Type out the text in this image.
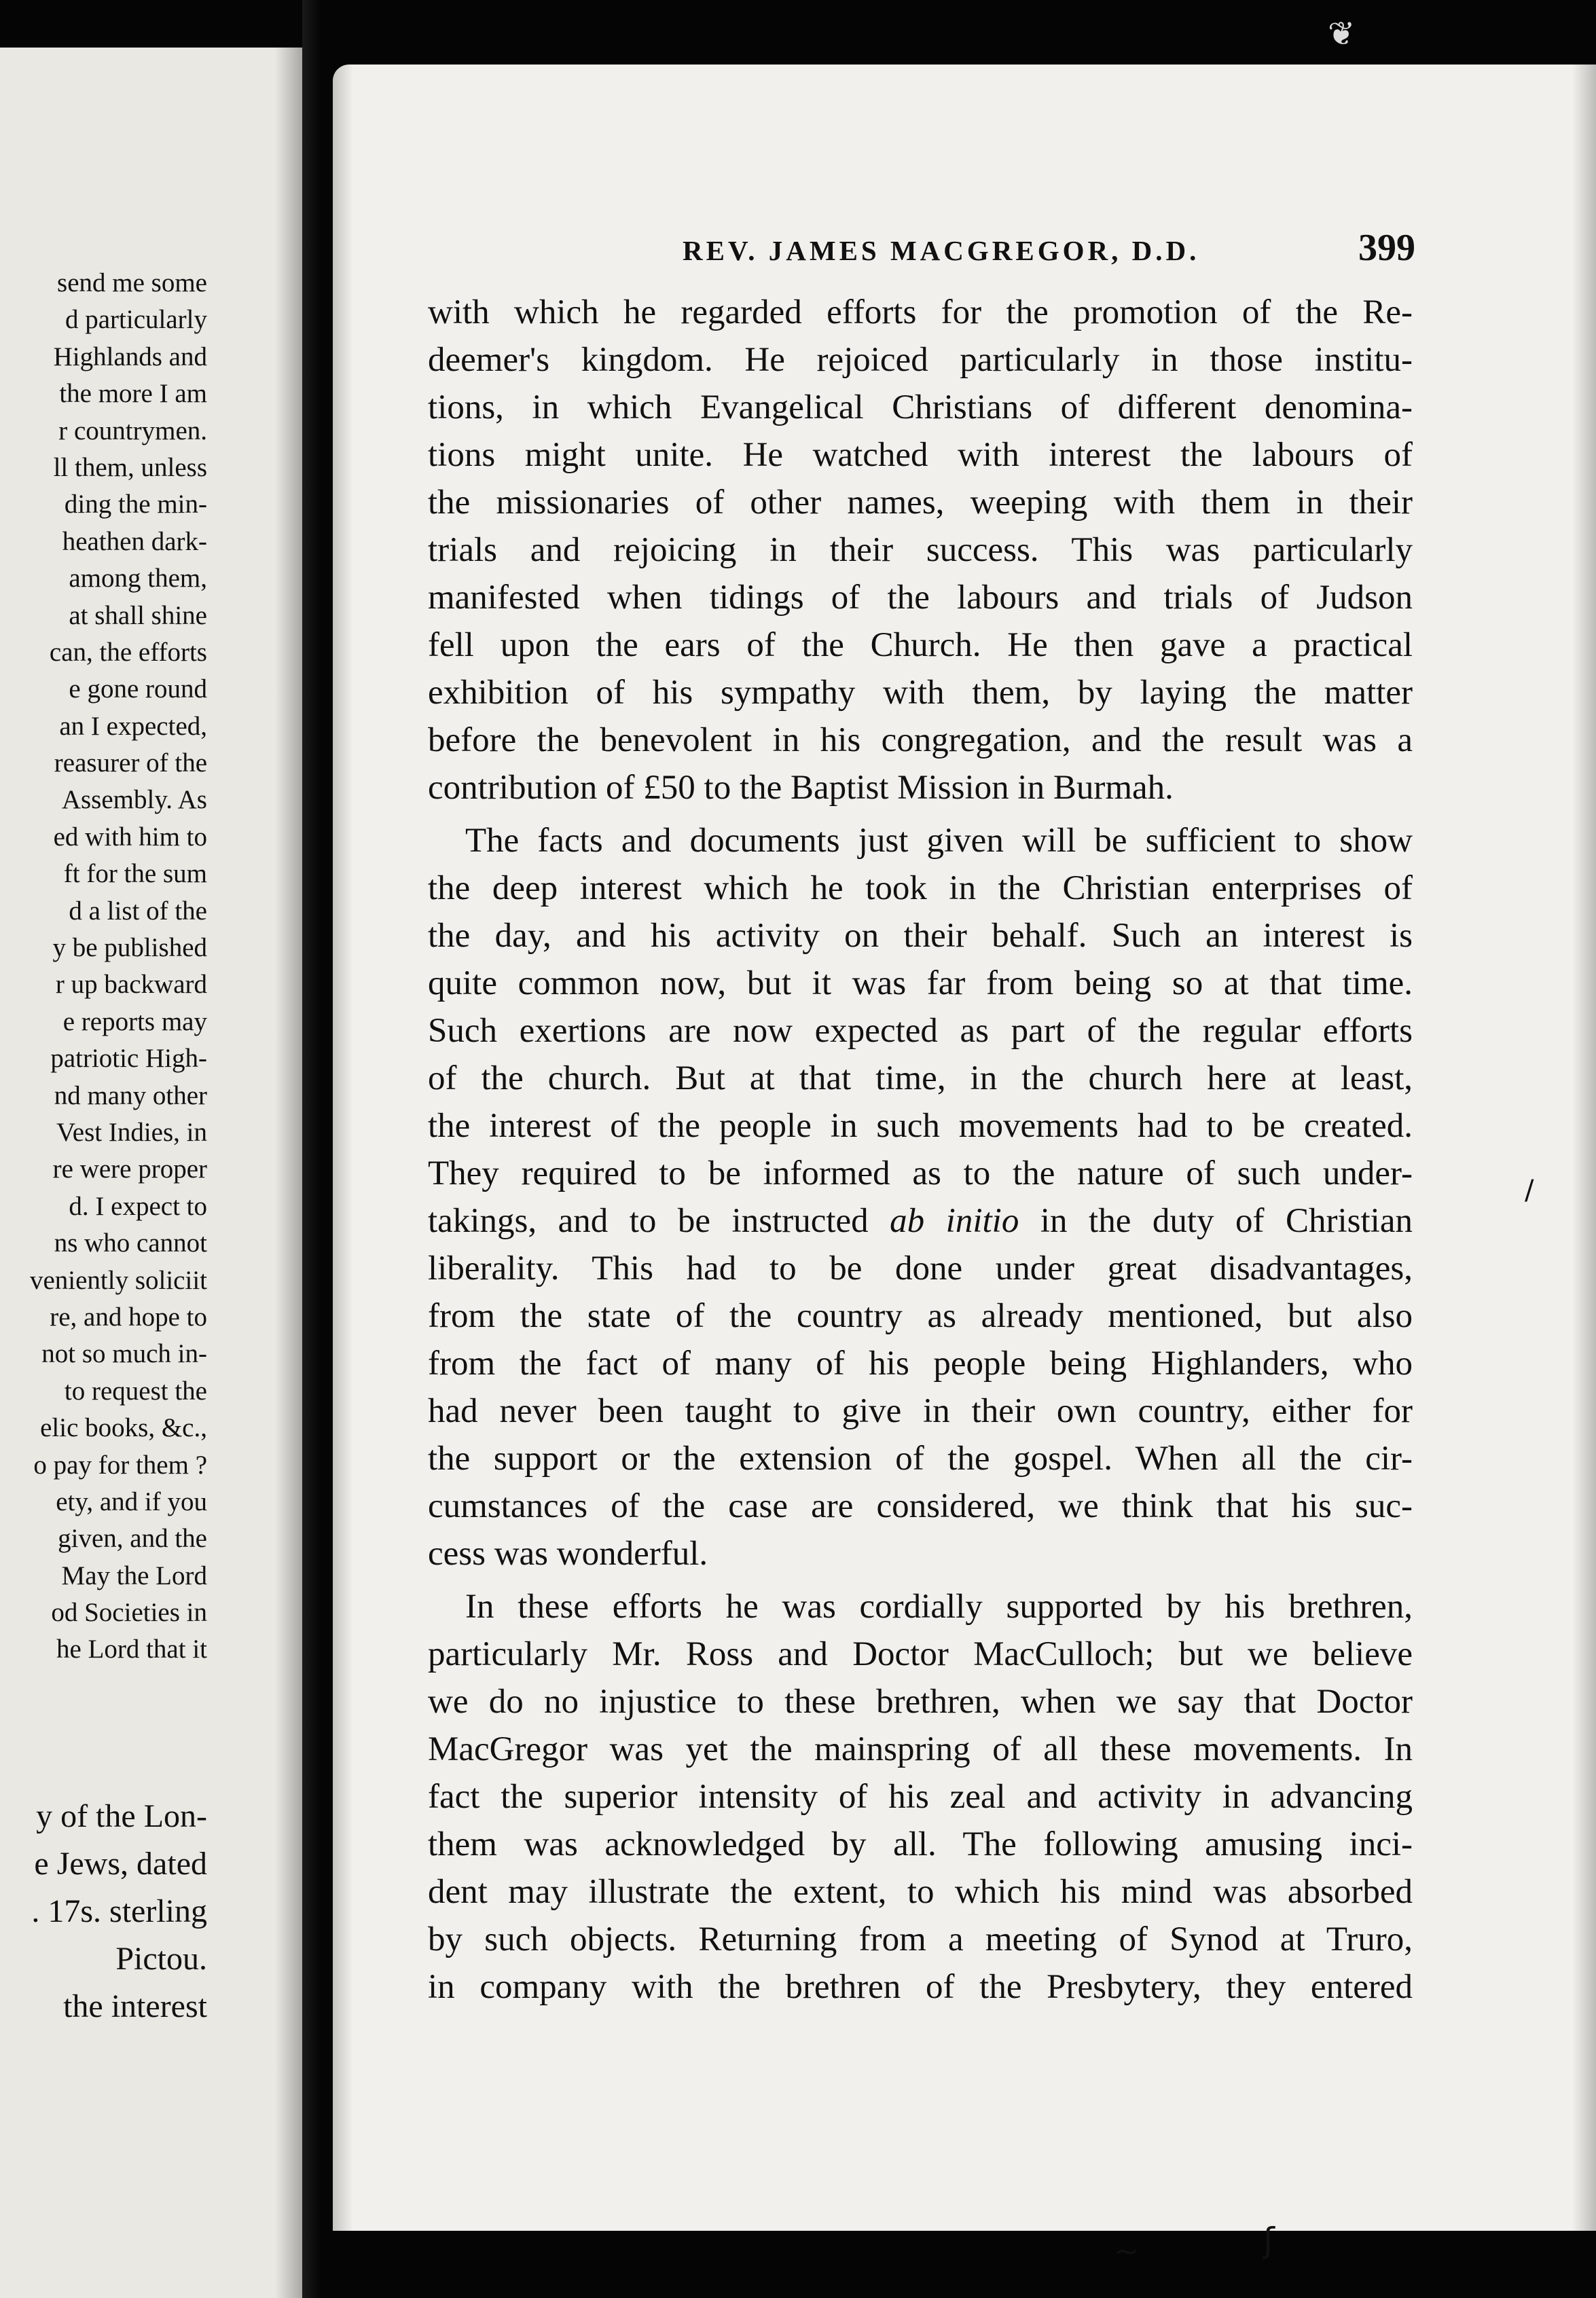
send me some
d particularly
Highlands and
the more I am
r countrymen.
ll them, unless
ding the min-
heathen dark-
among them,
at shall shine
can, the efforts
e gone round
an I expected,
reasurer of the
Assembly. As
ed with him to
ft for the sum
d a list of the
y be published
r up backward
e reports may
patriotic High-
nd many other
Vest Indies, in
re were proper
d. I expect to
ns who cannot
veniently soliciit
re, and hope to
not so much in-
to request the
elic books, &c.,
o pay for them ?
ety, and if you
given, and the
May the Lord
od Societies in
he Lord that it
y of the Lon-
e Jews, dated
. 17s. sterling
Pictou.
the interest
REV. JAMES MACGREGOR, D.D.	399
with which he regarded efforts for the promotion of the Re-
deemer's kingdom. He rejoiced particularly in those institu-
tions, in which Evangelical Christians of different denomina-
tions might unite. He watched with interest the labours of
the missionaries of other names, weeping with them in their
trials and rejoicing in their success. This was particularly
manifested when tidings of the labours and trials of Judson
fell upon the ears of the Church. He then gave a practical
exhibition of his sympathy with them, by laying the matter
before the benevolent in his congregation, and the result was a
contribution of £50 to the Baptist Mission in Burmah.
The facts and documents just given will be sufficient to show
the deep interest which he took in the Christian enterprises of
the day, and his activity on their behalf. Such an interest is
quite common now, but it was far from being so at that time.
Such exertions are now expected as part of the regular efforts
of the church. But at that time, in the church here at least,
the interest of the people in such movements had to be created.
They required to be informed as to the nature of such under-
takings, and to be instructed ab initio in the duty of Christian
liberality. This had to be done under great disadvantages,
from the state of the country as already mentioned, but also
from the fact of many of his people being Highlanders, who
had never been taught to give in their own country, either for
the support or the extension of the gospel. When all the cir-
cumstances of the case are considered, we think that his suc-
cess was wonderful.
In these efforts he was cordially supported by his brethren,
particularly Mr. Ross and Doctor MacCulloch; but we believe
we do no injustice to these brethren, when we say that Doctor
MacGregor was yet the mainspring of all these movements. In
fact the superior intensity of his zeal and activity in advancing
them was acknowledged by all. The following amusing inci-
dent may illustrate the extent, to which his mind was absorbed
by such objects. Returning from a meeting of Synod at Truro,
in company with the brethren of the Presbytery, they entered
❦
/
~	ʃ
